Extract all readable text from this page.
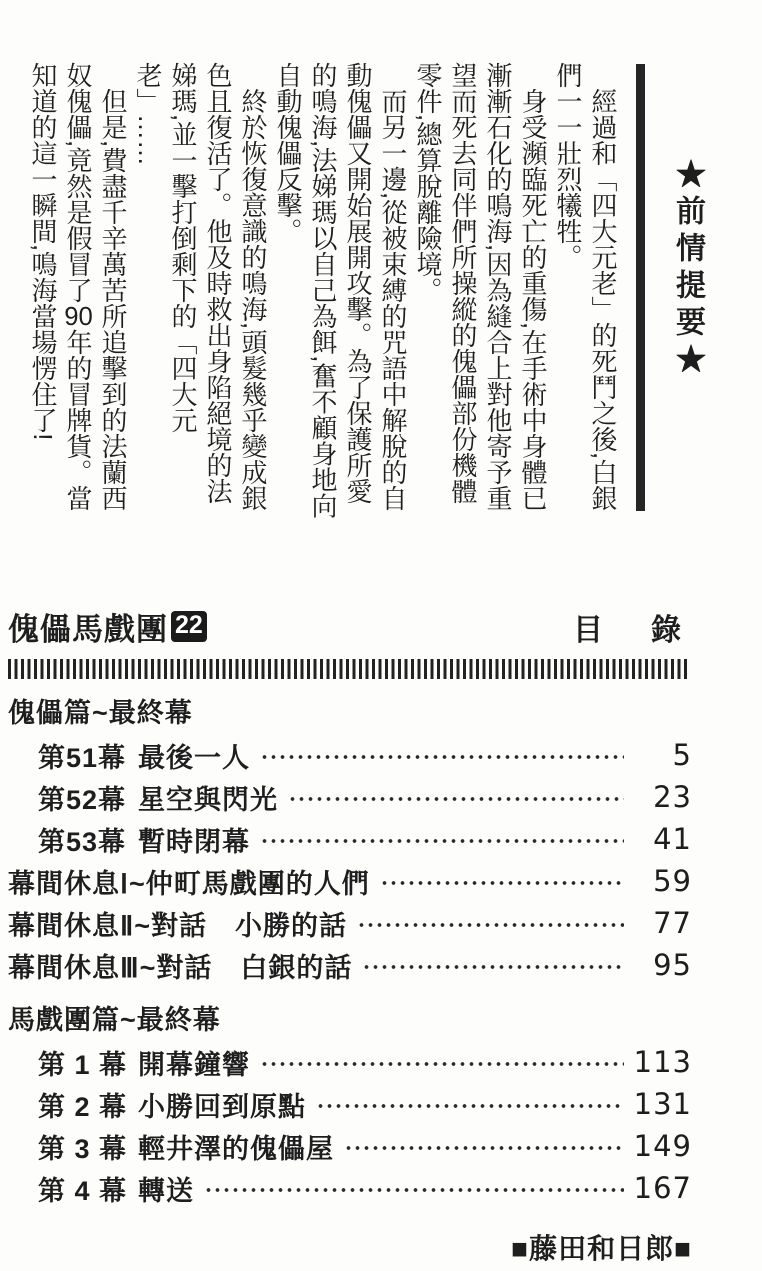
★前情提要★

經過和「四大元老」的死鬥之後,白銀們一一壯烈犧牲。

身受瀕臨死亡的重傷,在手術中身體已漸漸石化的鳴海,因為縫合上對他寄予重望而死去同伴們所操縱的傀儡部份機體零件,總算脫離險境。

而另一邊,從被束縛的咒語中解脫的自動傀儡又開始展開攻擊。為了保護所愛的鳴海,法娣瑪以自己為餌,奮不顧身地向自動傀儡反擊。

終於恢復意識的鳴海,頭髮幾乎變成銀色且復活了。他及時救出身陷絕境的法娣瑪,並一擊打倒剩下的「四大元老」……

但是,費盡千辛萬苦所追擊到的法蘭西奴傀儡,竟然是假冒了90年的冒牌貨。當知道的這一瞬間,鳴海當場愣住了!

傀儡馬戲團 22	目　錄
傀儡篇~最終幕
第51幕 最後一人	5
第52幕 星空與閃光	23
第53幕 暫時閉幕	41
幕間休息Ⅰ~仲町馬戲團的人們	59
幕間休息Ⅱ~對話　小勝的話	77
幕間休息Ⅲ~對話　白銀的話	95
馬戲團篇~最終幕
第 1 幕 開幕鐘響	113
第 2 幕 小勝回到原點	131
第 3 幕 輕井澤的傀儡屋	149
第 4 幕 轉送	167
■藤田和日郎■
